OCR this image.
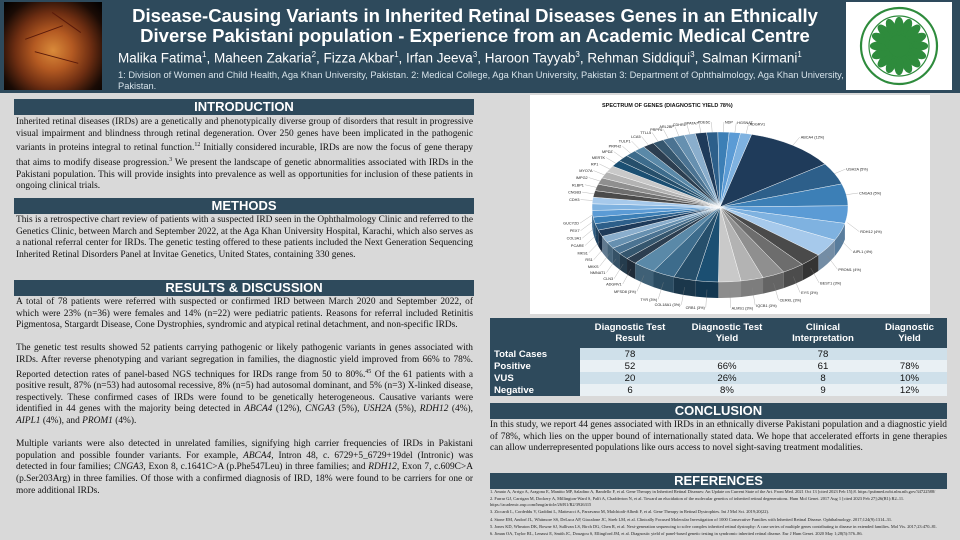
Disease-Causing Variants in Inherited Retinal Diseases Genes in an Ethnically Diverse Pakistani population - Experience from an Academic Medical Centre
Malika Fatima$^1$, Maheen Zakaria$^2$, Fizza Akbar$^1$, Irfan Jeeva$^3$, Haroon Tayyab$^3$, Rehman Siddiqui$^3$, Salman Kirmani$^1$
1: Division of Women and Child Health, Aga Khan University, Pakistan. 2: Medical College, Aga Khan University, Pakistan 3: Department of Ophthalmology, Aga Khan University, Pakistan.
INTRODUCTION
Inherited retinal diseases (IRDs) are a genetically and phenotypically diverse group of disorders that result in progressive visual impairment and blindness through retinal degeneration. Over 250 genes have been implicated in the pathogenic variants in proteins integral to retinal function.$^{12}$ Initially considered incurable, IRDs are now the focus of gene therapy that aims to modify disease progression.$^3$ We present the landscape of genetic abnormalities associated with IRDs in the Pakistani population. This will provide insights into prevalence as well as opportunities for inclusion of these patients in ongoing clinical trials.
METHODS
This is a retrospective chart review of patients with a suspected IRD seen in the Ophthalmology Clinic and referred to the Genetics Clinic, between March and September 2022, at the Aga Khan University Hospital, Karachi, which also serves as a national referral center for IRDs. The genetic testing offered to these patients included the Next Generation Sequencing Inherited Retinal Disorders Panel at Invitae Genetics, United States, containing 330 genes.
RESULTS & DISCUSSION
A total of 78 patients were referred with suspected or confirmed IRD between March 2020 and September 2022, of which were 23% (n=36) were females and 14% (n=22) were pediatric patients. Reasons for referral included Retinitis Pigmentosa, Stargardt Disease, Cone Dystrophies, syndromic and atypical retinal detachment, and non-specific IRDs.
The genetic test results showed 52 patients carrying pathogenic or likely pathogenic variants in genes associated with IRDs. After reverse phenotyping and variant segregation in families, the diagnostic yield improved from 66% to 78%. Reported detection rates of panel-based NGS techniques for IRDs range from 50 to 80%.$^{45}$ Of the 61 patients with a positive result, 87% (n=53) had autosomal recessive, 8% (n=5) had autosomal dominant, and 5% (n=3) X-linked disease, respectively. These confirmed cases of IRDs were found to be genetically heterogeneous. Causative variants were identified in 44 genes with the majority being detected in ABCA4 (12%), CNGA3 (5%), USH2A (5%), RDH12 (4%), AIPL1 (4%), and PROM1 (4%).
Multiple variants were also detected in unrelated families, signifying high carrier frequencies of IRDs in Pakistani population and possible founder variants. For example, ABCA4, Intron 48, c. 6729+5_6729+19del (Intronic) was detected in four families; CNGA3, Exon 8, c.1641C>A (p.Phe547Leu) in three families; and RDH12, Exon 7, c.609C>A (p.Ser203Arg) in three families. Of those with a confirmed diagnosis of IRD, 18% were found to be carriers for one or more additional IRDs.
SPECTRUM OF GENES (DIAGNOSTIC YIELD 78%)
ABCA4 (12%)
USH2A (5%)
CNGA3 (5%)
RDH12 (4%)
AIPL1 (4%)
PROM1 (4%)
BEST1 (3%)
EYS (3%)
CERKL (3%)
IQCB1 (3%)
ALMS1 (3%)
CRB1 (3%)
COL18A1 (3%)
TYR (3%)
MFSD8 (3%)
ADGRV1
CLN3
NMNAT1
MKKS
RS1
MKS1
PCARE
COL9A1
PEX7
GUCY2D
CDH3
CNGB3
RLBP1
IMPG2
MYO7A
RP1
MERTK
MPDZ
PRPH2
TULP1
LCA5
TTLL5
PRPF6
ARL2BP
CDHR1
SPATA7 PDE6C	NDP HGSNAT
ADGRV1
	Diagnostic Test Result	Diagnostic Test Yield	Clinical Interpretation	Diagnostic Yield
Total Cases	78		78	
Positive	52	66%	61	78%
VUS	20	26%	8	10%
Negative	6	8%	9	12%
CONCLUSION
In this study, we report 44 genes associated with IRDs in an ethnically diverse Pakistani population and a diagnostic yield of 78%, which lies on the upper bound of internationally stated data. We hope that accelerated efforts in gene therapies can allow underrepresented populations like ours access to novel sight-saving treatment modalities.
REFERENCES
1. Amato A, Arrigo A, Aragona E, Manitto MP, Saladino A, Bandello F, et al. Gene Therapy in Inherited Retinal Diseases: An Update on Current State of the Art. Front Med. 2021 Oct 13 [cited 2023 Feb 15];8. https://pubmed.ncbi.nlm.nih.gov/34722588/
2. Farrar GJ, Carrigan M, Dockery A, Millington-Ward S, Palfi A, Chadderton N, et al. Toward an elucidation of the molecular genetics of inherited retinal degenerations. Hum Mol Genet. 2017 Aug 1 [cited 2023 Feb 27];26(R1):R2–11. https://academic.oup.com/hmg/article/26/R1/R2/3926315
3. Ziccardi L, Cordeddu V, Gaddini L, Matteucci A, Parravano M, Malchiodi-Albedi F, et al. Gene Therapy in Retinal Dystrophies. Int J Mol Sci. 2019;20(22).
4. Stone EM, Andorf JL, Whitmore SS, DeLuca AP, Giacalone JC, Streb LM, et al. Clinically Focused Molecular Investigation of 1000 Consecutive Families with Inherited Retinal Disease. Ophthalmology. 2017;124(9):1314–31.
5. Jones KD, Wheaton DK, Bowne SJ, Sullivan LS, Birch DG, Chen R, et al. Next-generation sequencing to solve complex inherited retinal dystrophy: A case series of multiple genes contributing to disease in extended families. Mol Vis. 2017;23:470–81.
6. Jiman OA, Taylor RL, Lenassi E, Smith JC, Douzgou S, Ellingford JM, et al. Diagnostic yield of panel-based genetic testing in syndromic inherited retinal disease. Eur J Hum Genet. 2020 May 1;28(5):576–86.
